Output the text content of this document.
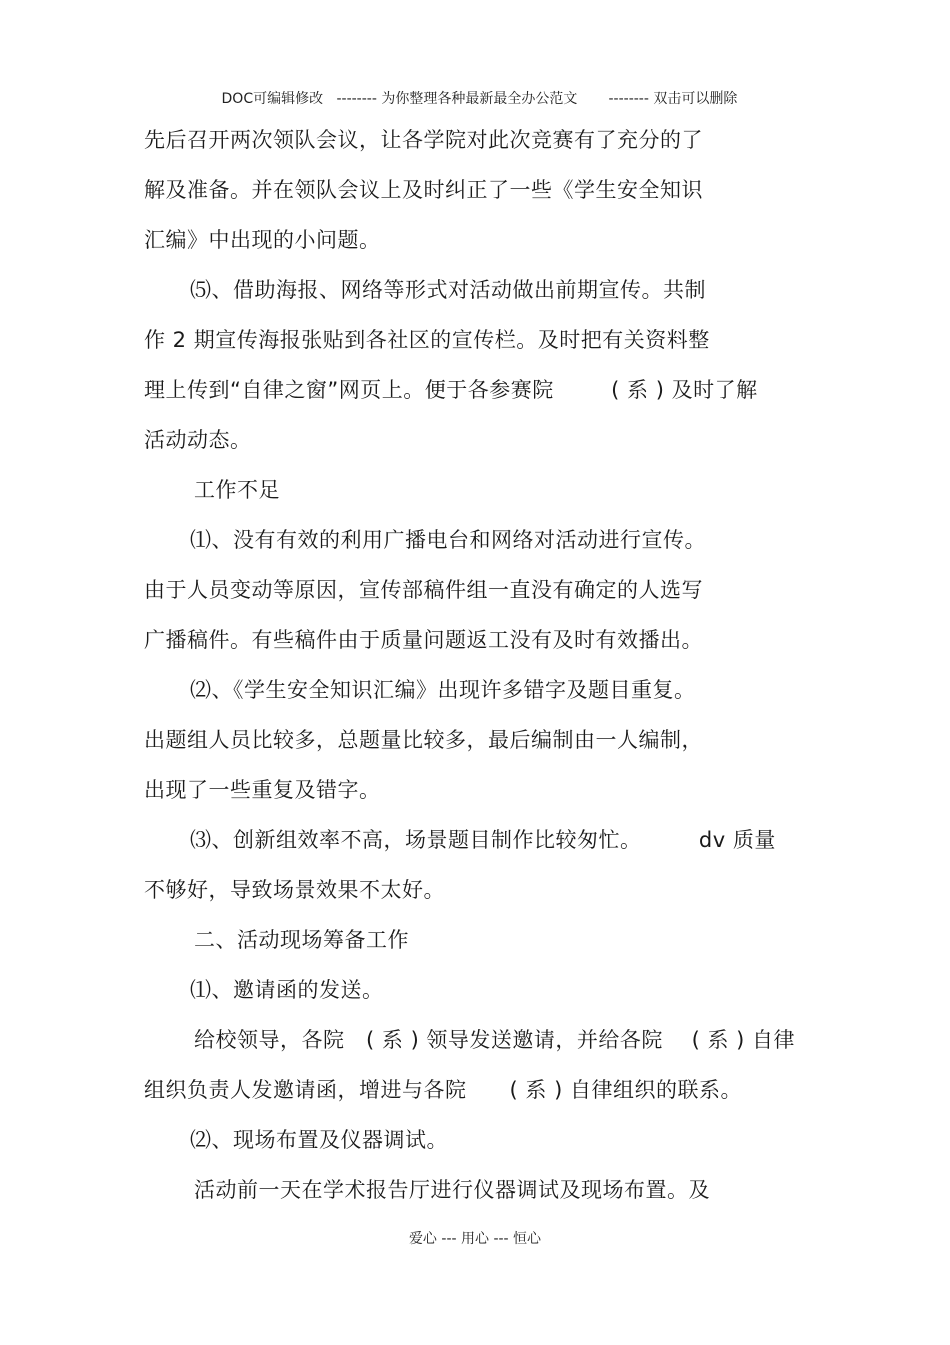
DOC可编辑修改 -------- 为你整理各种最新最全办公范文 -------- 双击可以删除

先后召开两次领队会议，让各学院对此次竞赛有了充分的了
解及准备。并在领队会议上及时纠正了一些《学生安全知识
汇编》中出现的小问题。
⑸、借助海报、网络等形式对活动做出前期宣传。共制
作 2 期宣传海报张贴到各社区的宣传栏。及时把有关资料整
理上传到“自律之窗”网页上。便于各参赛院        ( 系 ) 及时了解
活动动态。
工作不足
⑴、没有有效的利用广播电台和网络对活动进行宣传。
由于人员变动等原因，宣传部稿件组一直没有确定的人选写
广播稿件。有些稿件由于质量问题返工没有及时有效播出。
⑵、《学生安全知识汇编》出现许多错字及题目重复。
出题组人员比较多，总题量比较多，最后编制由一人编制，
出现了一些重复及错字。
⑶、创新组效率不高，场景题目制作比较匆忙。        dv 质量
不够好，导致场景效果不太好。
二、活动现场筹备工作
⑴、邀请函的发送。
给校领导，各院   ( 系 ) 领导发送邀请，并给各院    ( 系 ) 自律
组织负责人发邀请函，增进与各院      ( 系 ) 自律组织的联系。
⑵、现场布置及仪器调试。
活动前一天在学术报告厅进行仪器调试及现场布置。及
爱心 --- 用心 --- 恒心
